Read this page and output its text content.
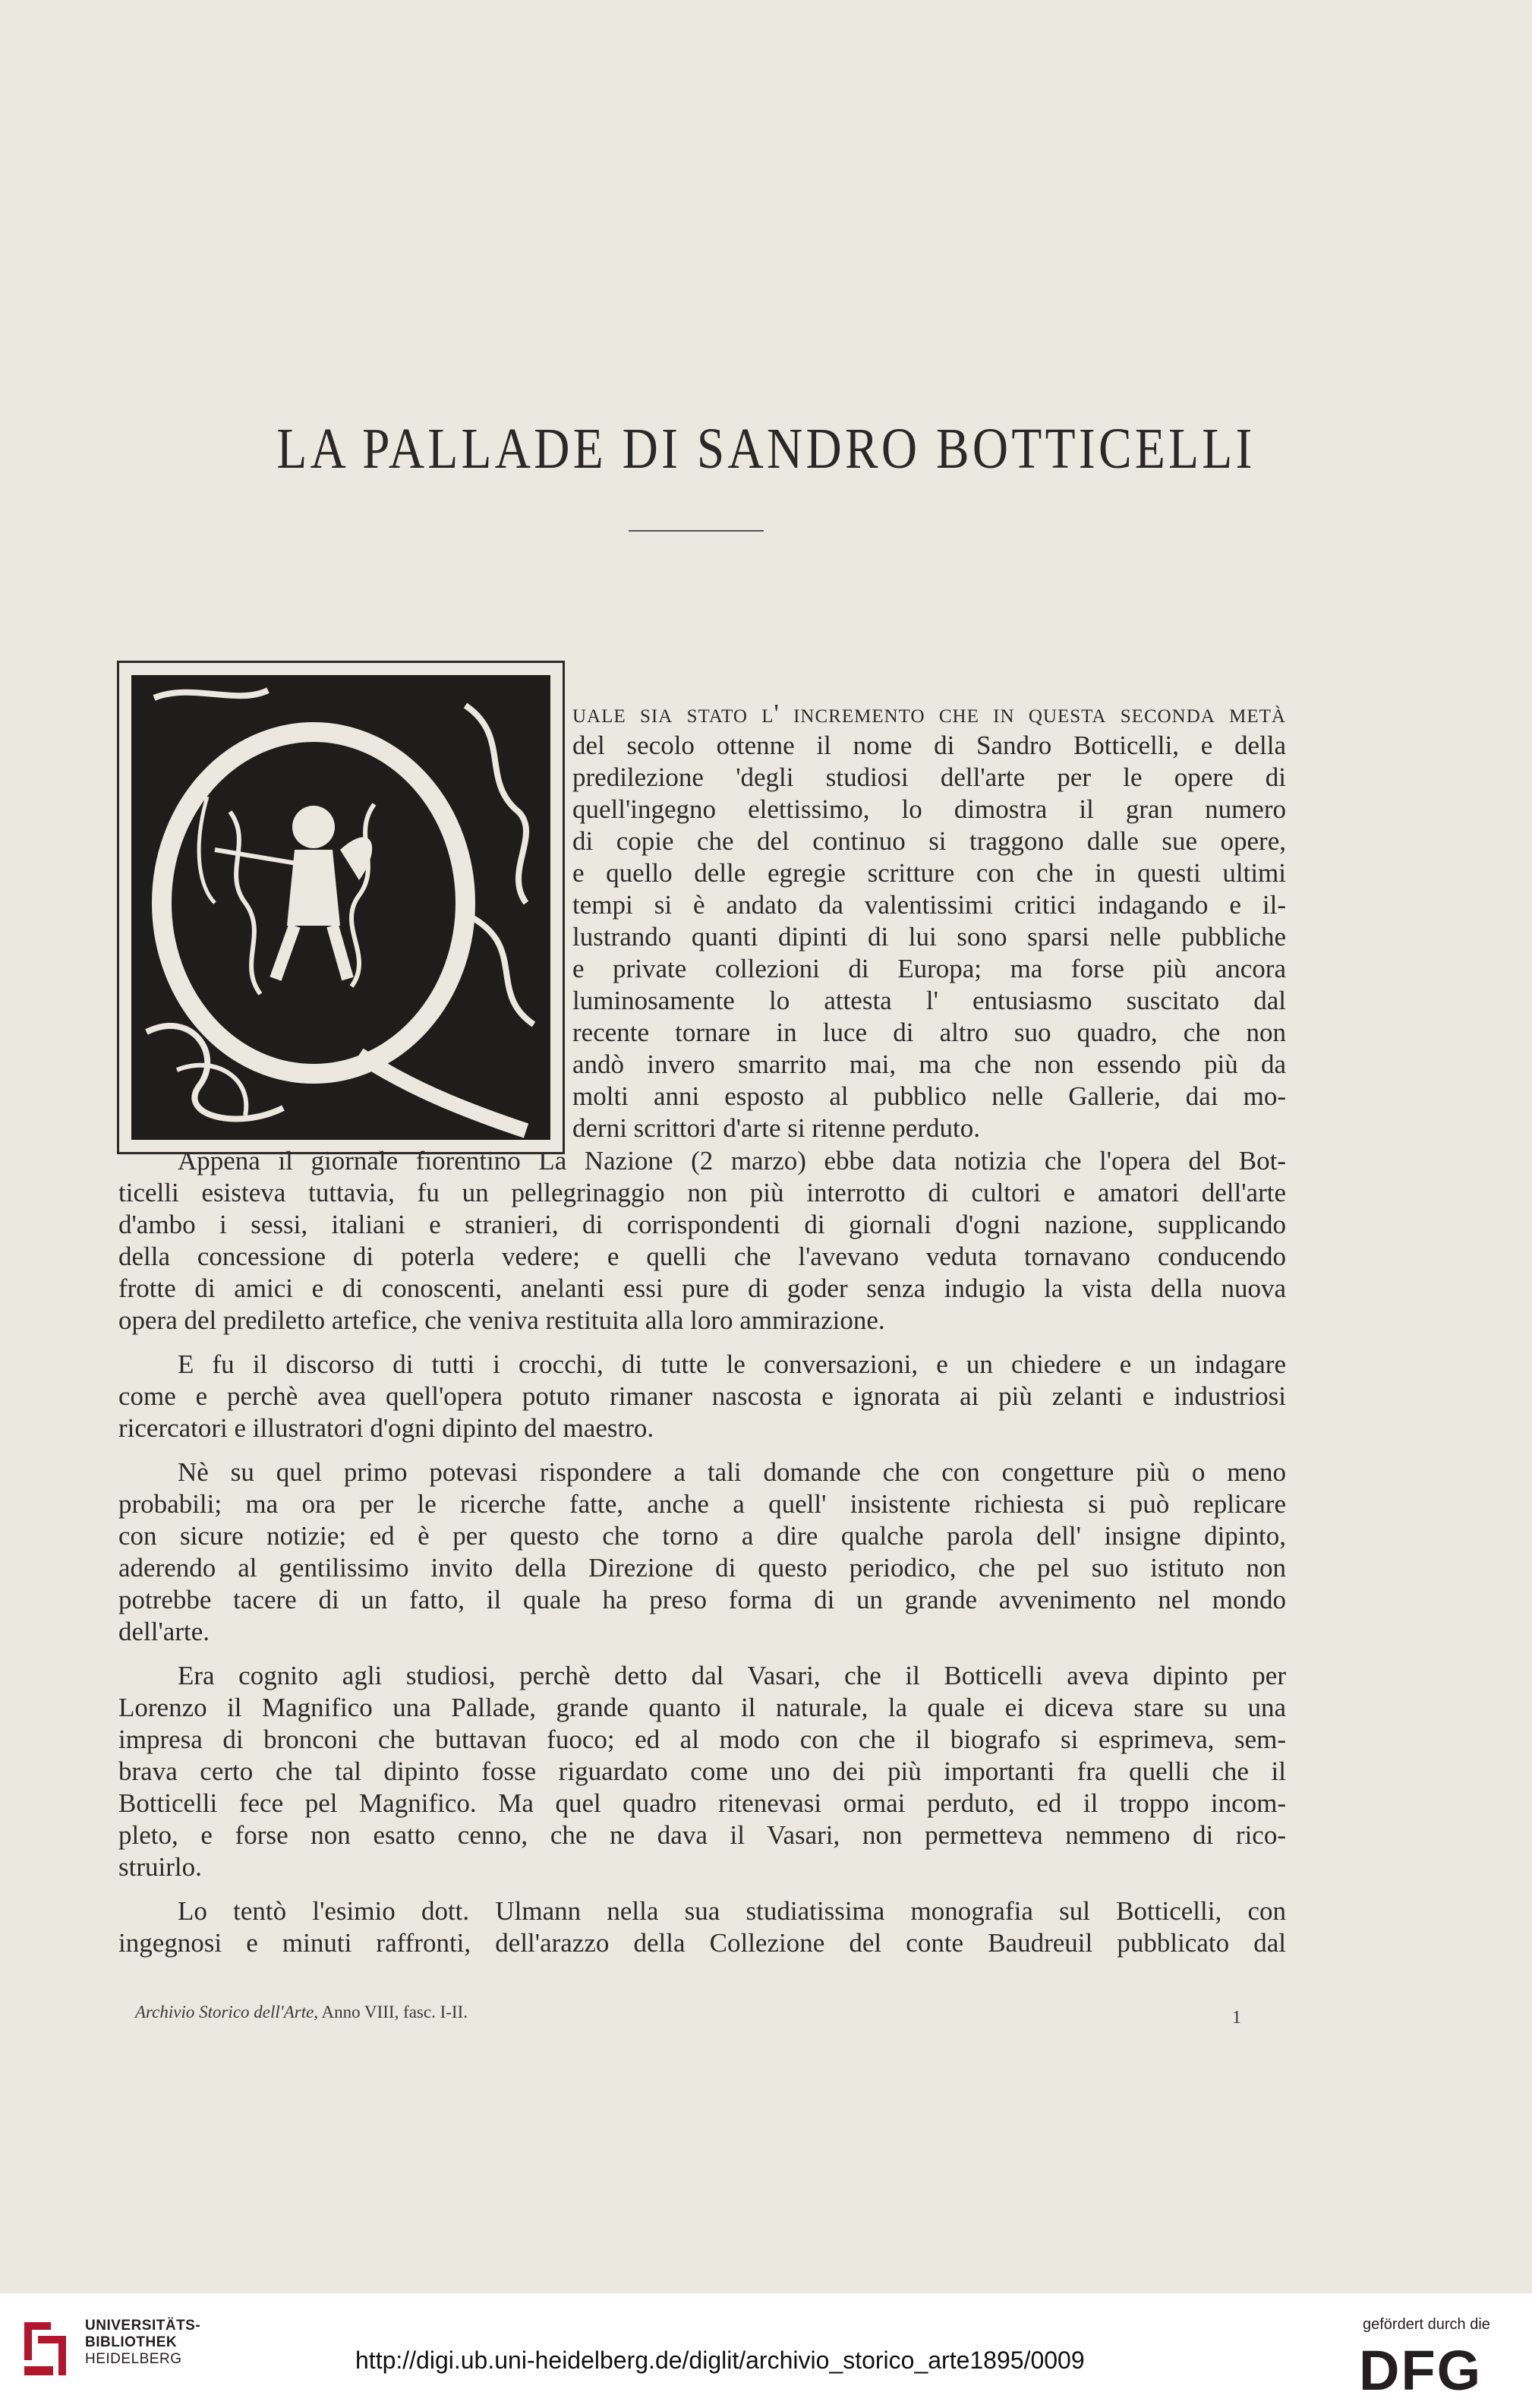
LA PALLADE DI SANDRO BOTTICELLI
uale sia stato l' incremento che in questa seconda metà
del secolo ottenne il nome di Sandro Botticelli, e della
predilezione 'degli studiosi dell'arte per le opere di
quell'ingegno elettissimo, lo dimostra il gran numero
di copie che del continuo si traggono dalle sue opere,
e quello delle egregie scritture con che in questi ultimi
tempi si è andato da valentissimi critici indagando e il-
lustrando quanti dipinti di lui sono sparsi nelle pubbliche
e private collezioni di Europa; ma forse più ancora
luminosamente lo attesta l' entusiasmo suscitato dal
recente tornare in luce di altro suo quadro, che non
andò invero smarrito mai, ma che non essendo più da
molti anni esposto al pubblico nelle Gallerie, dai mo-
derni scrittori d'arte si ritenne perduto.
Appena il giornale fiorentino La Nazione (2 marzo) ebbe data notizia che l'opera del Bot-
ticelli esisteva tuttavia, fu un pellegrinaggio non più interrotto di cultori e amatori dell'arte
d'ambo i sessi, italiani e stranieri, di corrispondenti di giornali d'ogni nazione, supplicando
della concessione di poterla vedere; e quelli che l'avevano veduta tornavano conducendo
frotte di amici e di conoscenti, anelanti essi pure di goder senza indugio la vista della nuova
opera del prediletto artefice, che veniva restituita alla loro ammirazione.
E fu il discorso di tutti i crocchi, di tutte le conversazioni, e un chiedere e un indagare
come e perchè avea quell'opera potuto rimaner nascosta e ignorata ai più zelanti e industriosi
ricercatori e illustratori d'ogni dipinto del maestro.
Nè su quel primo potevasi rispondere a tali domande che con congetture più o meno
probabili; ma ora per le ricerche fatte, anche a quell' insistente richiesta si può replicare
con sicure notizie; ed è per questo che torno a dire qualche parola dell' insigne dipinto,
aderendo al gentilissimo invito della Direzione di questo periodico, che pel suo istituto non
potrebbe tacere di un fatto, il quale ha preso forma di un grande avvenimento nel mondo
dell'arte.
Era cognito agli studiosi, perchè detto dal Vasari, che il Botticelli aveva dipinto per
Lorenzo il Magnifico una Pallade, grande quanto il naturale, la quale ei diceva stare su una
impresa di bronconi che buttavan fuoco; ed al modo con che il biografo si esprimeva, sem-
brava certo che tal dipinto fosse riguardato come uno dei più importanti fra quelli che il
Botticelli fece pel Magnifico. Ma quel quadro ritenevasi ormai perduto, ed il troppo incom-
pleto, e forse non esatto cenno, che ne dava il Vasari, non permetteva nemmeno di rico-
struirlo.
Lo tentò l'esimio dott. Ulmann nella sua studiatissima monografia sul Botticelli, con
ingegnosi e minuti raffronti, dell'arazzo della Collezione del conte Baudreuil pubblicato dal
Archivio Storico dell'Arte, Anno VIII, fasc. I-II.	1
UNIVERSITÄTS-
BIBLIOTHEK
HEIDELBERG	http://digi.ub.uni-heidelberg.de/diglit/archivio_storico_arte1895/0009
gefördert durch die
DFG
